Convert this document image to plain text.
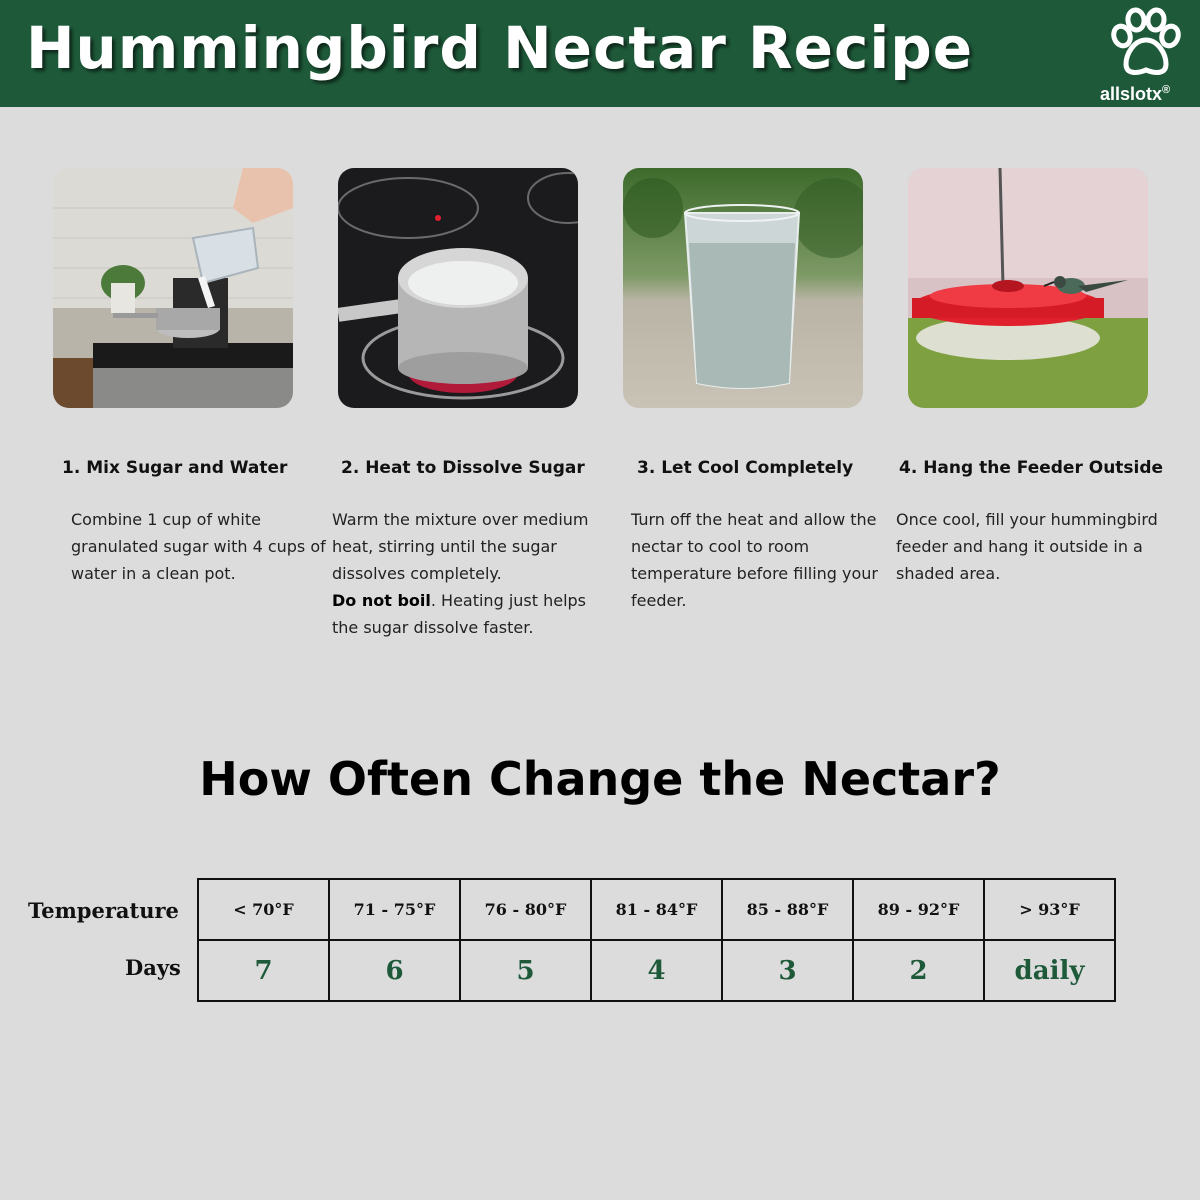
Hummingbird Nectar Recipe
allslotx®
1. Mix Sugar and Water

Combine 1 cup of white granulated sugar with 4 cups of water in a clean pot.

2. Heat to Dissolve Sugar

Warm the mixture over medium heat, stirring until the sugar dissolves completely.

Do not boil. Heating just helps the sugar dissolve faster.

3. Let Cool Completely

Turn off the heat and allow the nectar to cool to room temperature before filling your feeder.

4. Hang the Feeder Outside

Once cool, fill your hummingbird feeder and hang it outside in a shaded area.

How Often Change the Nectar?
Temperature
Days
< 70°F	71 - 75°F	76 - 80°F	81 - 84°F	85 - 88°F	89 - 92°F	> 93°F
7	6	5	4	3	2	daily
